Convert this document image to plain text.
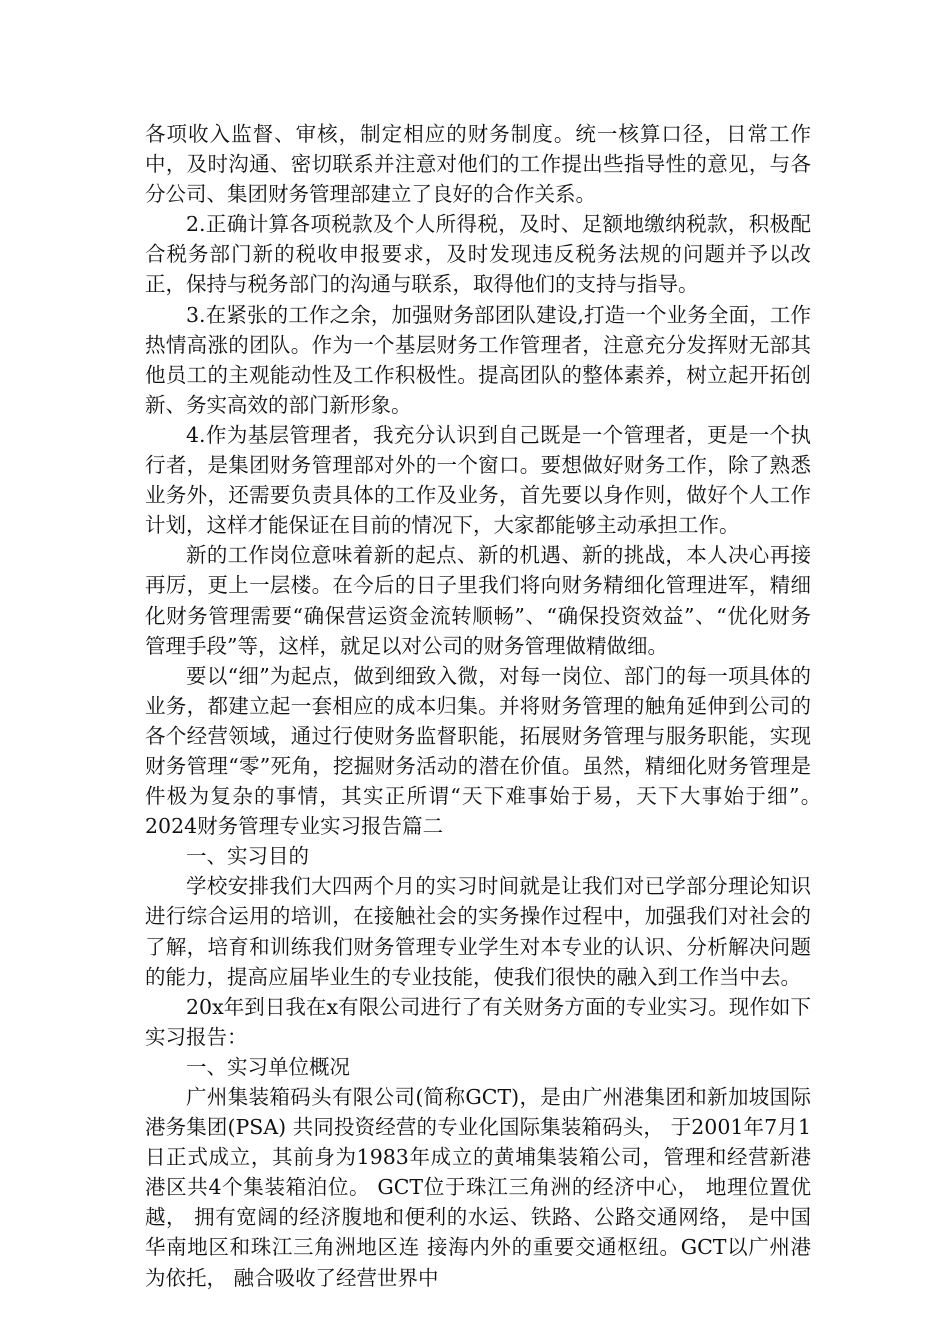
各项收入监督、审核，制定相应的财务制度。统一核算口径，日常工作中，及时沟通、密切联系并注意对他们的工作提出些指导性的意见，与各分公司、集团财务管理部建立了良好的合作关系。

2.正确计算各项税款及个人所得税，及时、足额地缴纳税款，积极配合税务部门新的税收申报要求，及时发现违反税务法规的问题并予以改正，保持与税务部门的沟通与联系，取得他们的支持与指导。

3.在紧张的工作之余，加强财务部团队建设,打造一个业务全面，工作热情高涨的团队。作为一个基层财务工作管理者，注意充分发挥财无部其他员工的主观能动性及工作积极性。提高团队的整体素养，树立起开拓创新、务实高效的部门新形象。

4.作为基层管理者，我充分认识到自己既是一个管理者，更是一个执行者，是集团财务管理部对外的一个窗口。要想做好财务工作，除了熟悉业务外，还需要负责具体的工作及业务，首先要以身作则，做好个人工作计划，这样才能保证在目前的情况下，大家都能够主动承担工作。

新的工作岗位意味着新的起点、新的机遇、新的挑战，本人决心再接再厉，更上一层楼。在今后的日子里我们将向财务精细化管理进军，精细化财务管理需要“确保营运资金流转顺畅”、“确保投资效益”、“优化财务管理手段”等，这样，就足以对公司的财务管理做精做细。

要以“细”为起点，做到细致入微，对每一岗位、部门的每一项具体的业务，都建立起一套相应的成本归集。并将财务管理的触角延伸到公司的各个经营领域，通过行使财务监督职能，拓展财务管理与服务职能，实现财务管理“零”死角，挖掘财务活动的潜在价值。虽然，精细化财务管理是件极为复杂的事情，其实正所谓“天下难事始于易，天下大事始于细”。　　2024财务管理专业实习报告篇二

一、实习目的

学校安排我们大四两个月的实习时间就是让我们对已学部分理论知识进行综合运用的培训，在接触社会的实务操作过程中，加强我们对社会的了解，培育和训练我们财务管理专业学生对本专业的认识、分析解决问题的能力，提高应届毕业生的专业技能，使我们很快的融入到工作当中去。

20x年到日我在x有限公司进行了有关财务方面的专业实习。现作如下实习报告：

一、实习单位概况

广州集装箱码头有限公司(简称GCT)，是由广州港集团和新加坡国际港务集团(PSA) 共同投资经营的专业化国际集装箱码头， 于2001年7月1日正式成立，其前身为1983年成立的黄埔集装箱公司，管理和经营新港港区共4个集装箱泊位。 GCT位于珠江三角洲的经济中心， 地理位置优越， 拥有宽阔的经济腹地和便利的水运、铁路、公路交通网络， 是中国华南地区和珠江三角洲地区连 接海内外的重要交通枢纽。GCT以广州港为依托， 融合吸收了经营世界中
